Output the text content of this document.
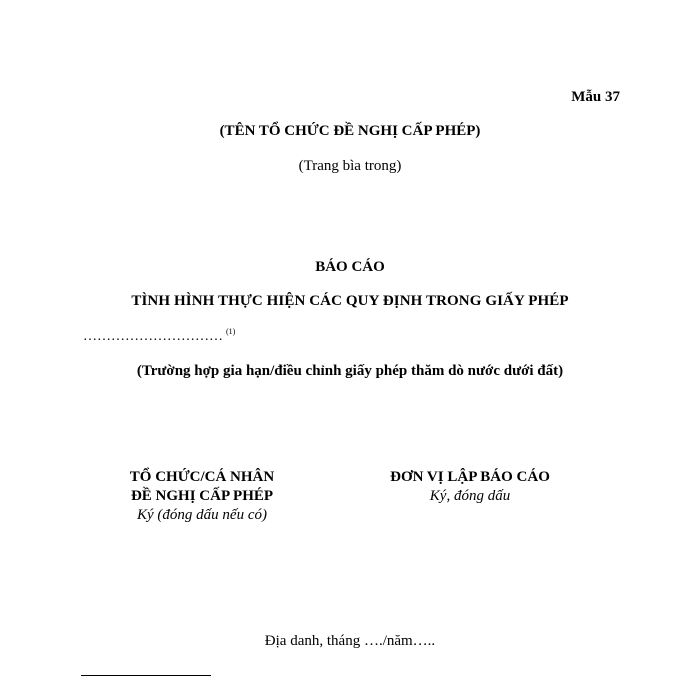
Mẫu 37
(TÊN TỔ CHỨC ĐỀ NGHỊ CẤP PHÉP)
(Trang bìa trong)
BÁO CÁO
TÌNH HÌNH THỰC HIỆN CÁC QUY ĐỊNH TRONG GIẤY PHÉP
………………………… $^{(1)}$
(Trường hợp gia hạn/điều chỉnh giấy phép thăm dò nước dưới đất)
TỔ CHỨC/CÁ NHÂN
ĐỀ NGHỊ CẤP PHÉP
Ký (đóng dấu nếu có)
ĐƠN VỊ LẬP BÁO CÁO
Ký, đóng dấu
Địa danh, tháng …./năm…..
